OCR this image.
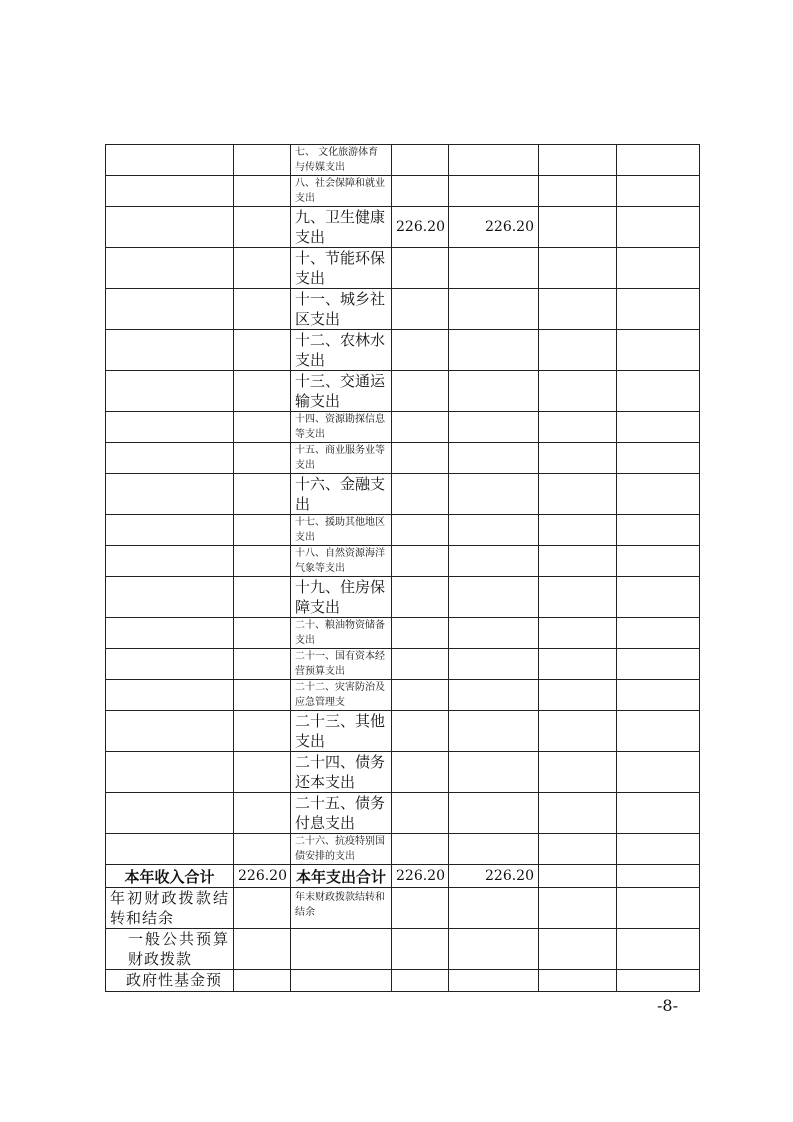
		七、 文化旅游体育与传媒支出				
		八、社会保障和就业支出				
		九、卫生健康支出	226.20	226.20		
		十、节能环保支出				
		十一、城乡社区支出				
		十二、农林水支出				
		十三、交通运输支出				
		十四、资源勘探信息等支出				
		十五、商业服务业等支出				
		十六、金融支出				
		十七、援助其他地区支出				
		十八、自然资源海洋气象等支出				
		十九、住房保障支出				
		二十、粮油物资储备支出				
		二十一、国有资本经营预算支出				
		二十二、灾害防治及应急管理支				
		二十三、其他支出				
		二十四、债务还本支出				
		二十五、债务付息支出				
		二十六、抗疫特别国债安排的支出				
本年收入合计	226.20	本年支出合计	226.20	226.20		
年初财政拨款结转和结余		年末财政拨款结转和结余				
一般公共预算财政拨款						
政府性基金预						
-8-
